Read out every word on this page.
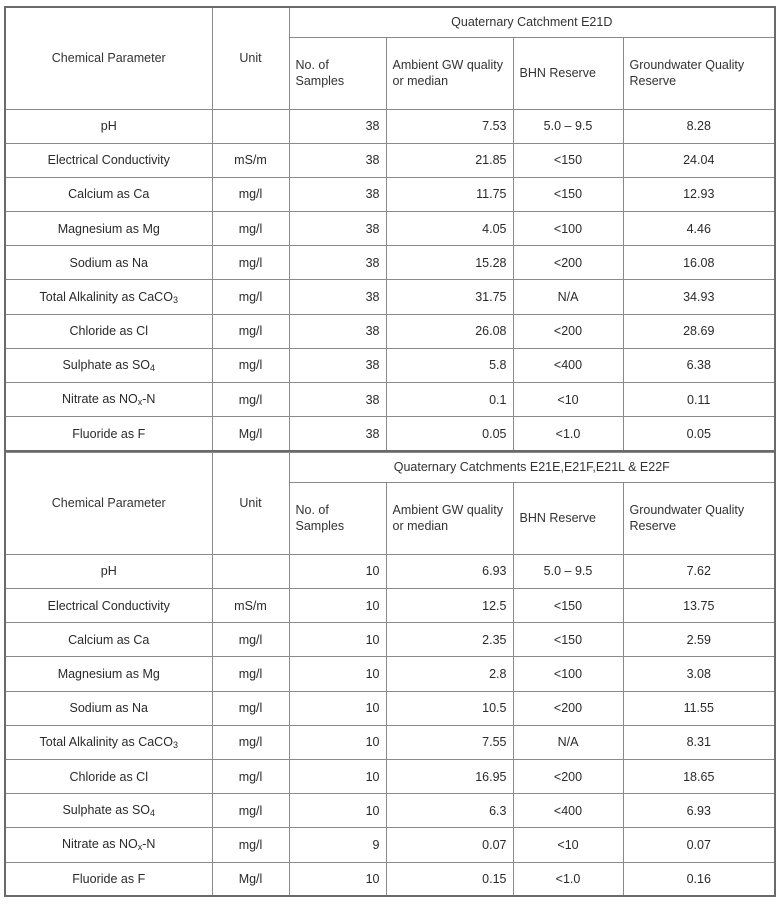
Chemical Parameter	Unit	Quaternary Catchment E21D			
		No. of Samples	Ambient GW quality or median	BHN Reserve	Groundwater Quality Reserve
pH		38	7.53	5.0 – 9.5	8.28
Electrical Conductivity	mS/m	38	21.85	<150	24.04
Calcium as Ca	mg/l	38	11.75	<150	12.93
Magnesium as Mg	mg/l	38	4.05	<100	4.46
Sodium as Na	mg/l	38	15.28	<200	16.08
Total Alkalinity as CaCO$_3$	mg/l	38	31.75	N/A	34.93
Chloride as Cl	mg/l	38	26.08	<200	28.69
Sulphate as $SO_4$	mg/l	38	5.8	<400	6.38
Nitrate as $NO_x-N$	mg/l	38	0.1	<10	0.11
Fluoride as F	Mg/l	38	0.05	<1.0	0.05
Chemical Parameter	Unit	Quaternary Catchments E21E,E21F,E21L & E22F			
		No. of Samples	Ambient GW quality or median	BHN Reserve	Groundwater Quality Reserve
pH		10	6.93	5.0 – 9.5	7.62
Electrical Conductivity	mS/m	10	12.5	<150	13.75
Calcium as Ca	mg/l	10	2.35	<150	2.59
Magnesium as Mg	mg/l	10	2.8	<100	3.08
Sodium as Na	mg/l	10	10.5	<200	11.55
Total Alkalinity as CaCO$_3$	mg/l	10	7.55	N/A	8.31
Chloride as Cl	mg/l	10	16.95	<200	18.65
Sulphate as $SO_4$	mg/l	10	6.3	<400	6.93
Nitrate as $NO_x-N$	mg/l	9	0.07	<10	0.07
Fluoride as F	Mg/l	10	0.15	<1.0	0.16
